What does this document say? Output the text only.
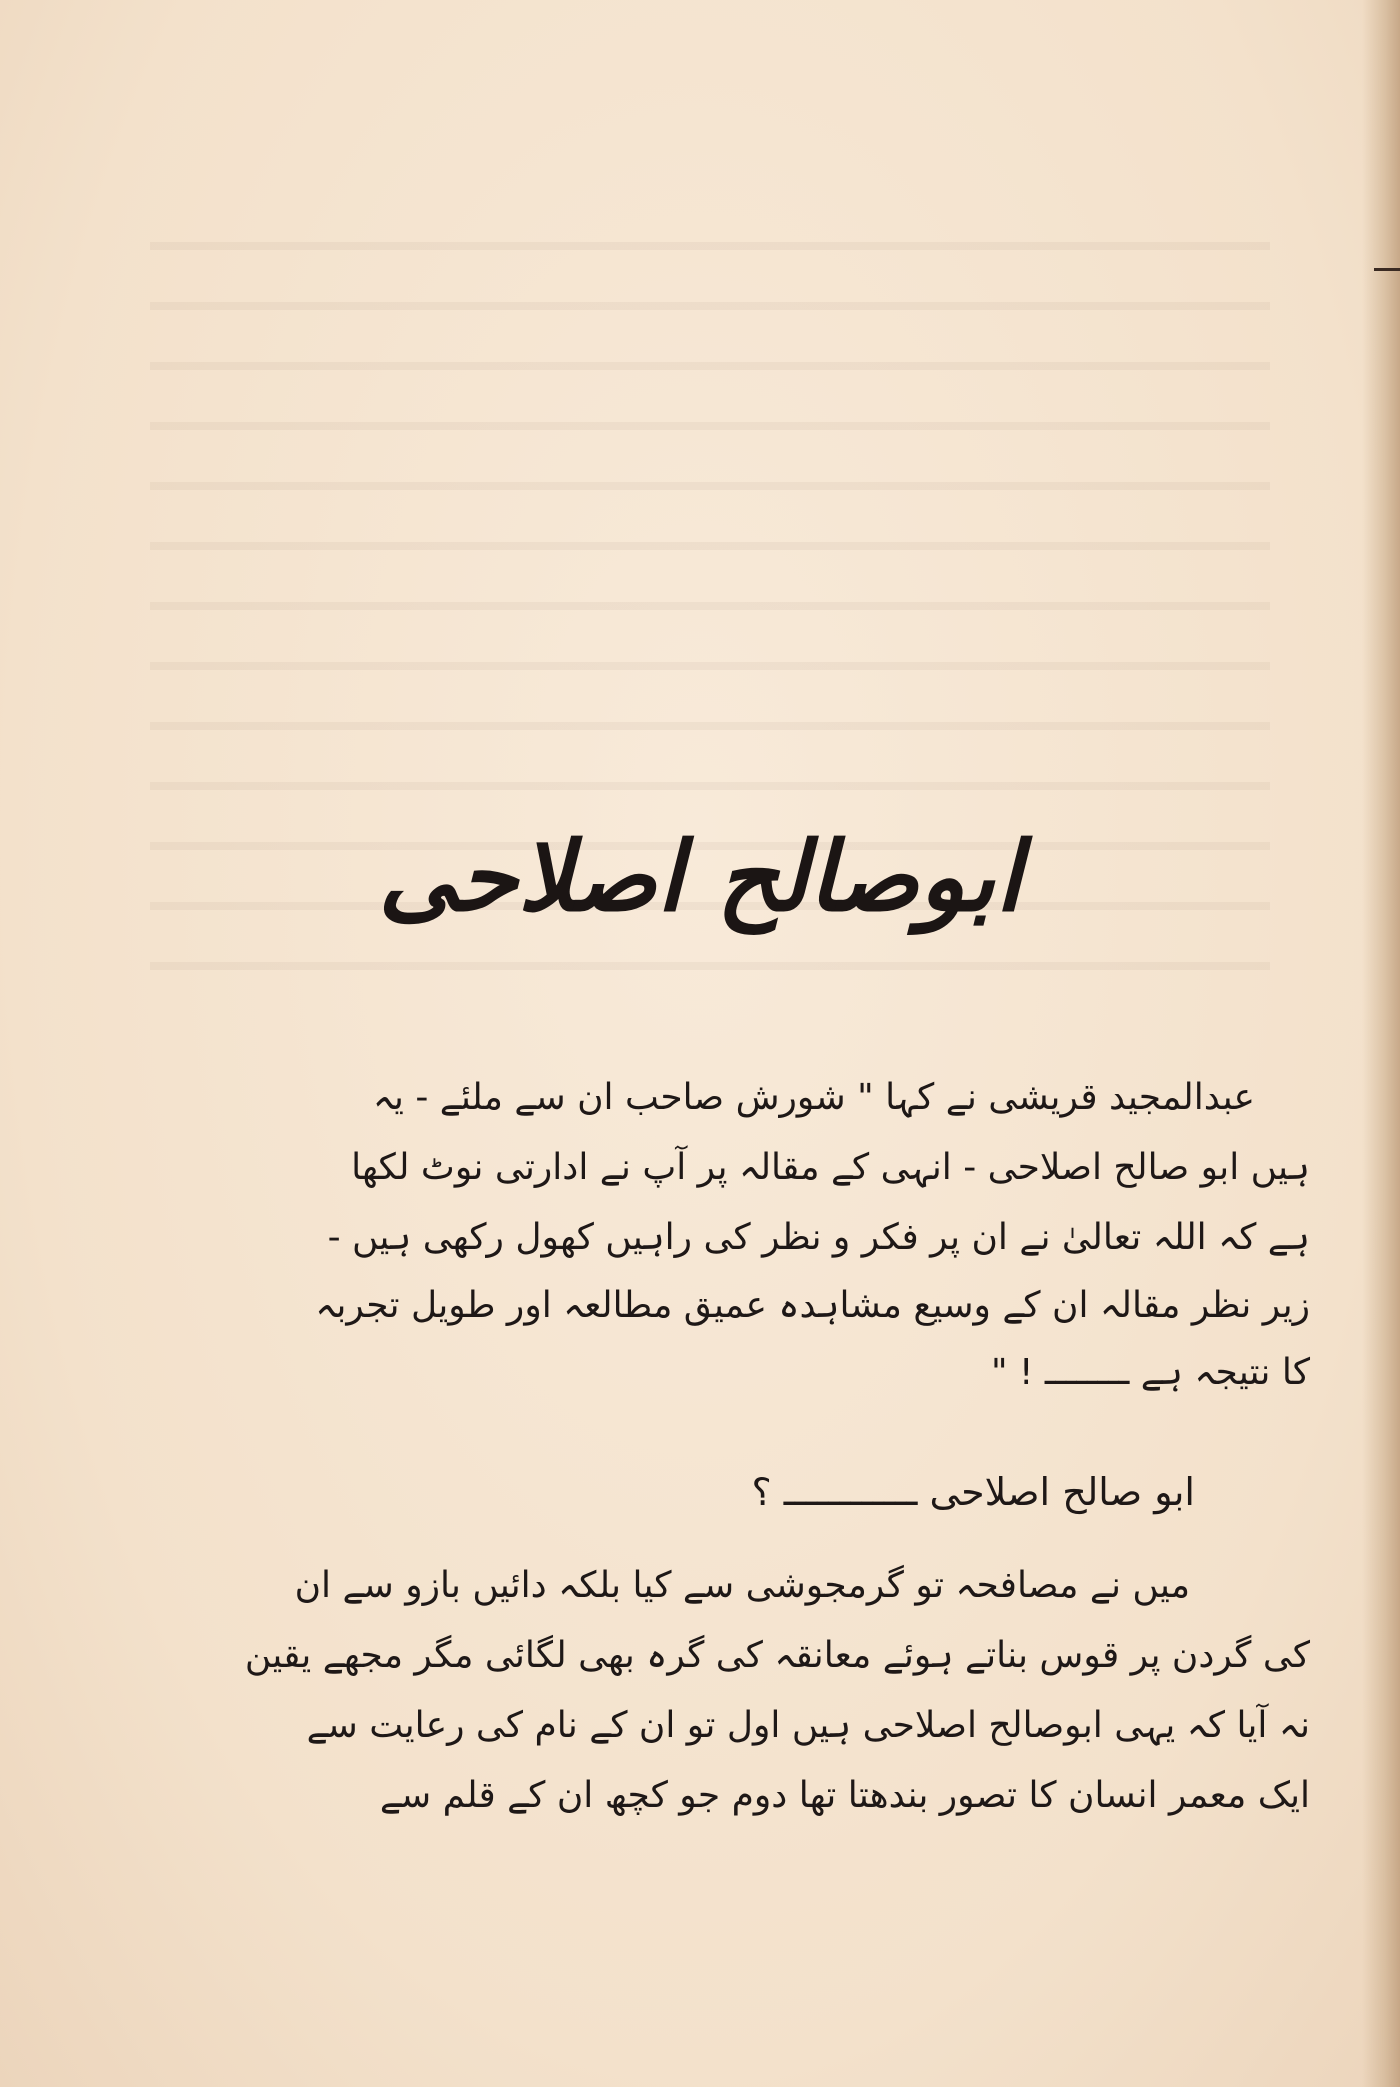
ابوصالح اصلاحی
عبدالمجید قریشی نے کہا " شورش صاحب ان سے ملئے - یہ
ہیں ابو صالح اصلاحی - انہی کے مقالہ پر آپ نے ادارتی نوٹ لکھا
ہے کہ اللہ تعالیٰ نے ان پر فکر و نظر کی راہیں کھول رکھی ہیں -
زیر نظر مقالہ ان کے وسیع مشاہدہ عمیق مطالعہ اور طویل تجربہ
کا نتیجہ ہے ــــــــ ! "
ابو صالح اصلاحی ــــــــــــ ؟
میں نے مصافحہ تو گرمجوشی سے کیا بلکہ دائیں بازو سے ان
کی گردن پر قوس بناتے ہوئے معانقہ کی گرہ بھی لگائی مگر مجھے یقین
نہ آیا کہ یہی ابوصالح اصلاحی ہیں اول تو ان کے نام کی رعایت سے
ایک معمر انسان کا تصور بندھتا تھا دوم جو کچھ ان کے قلم سے
